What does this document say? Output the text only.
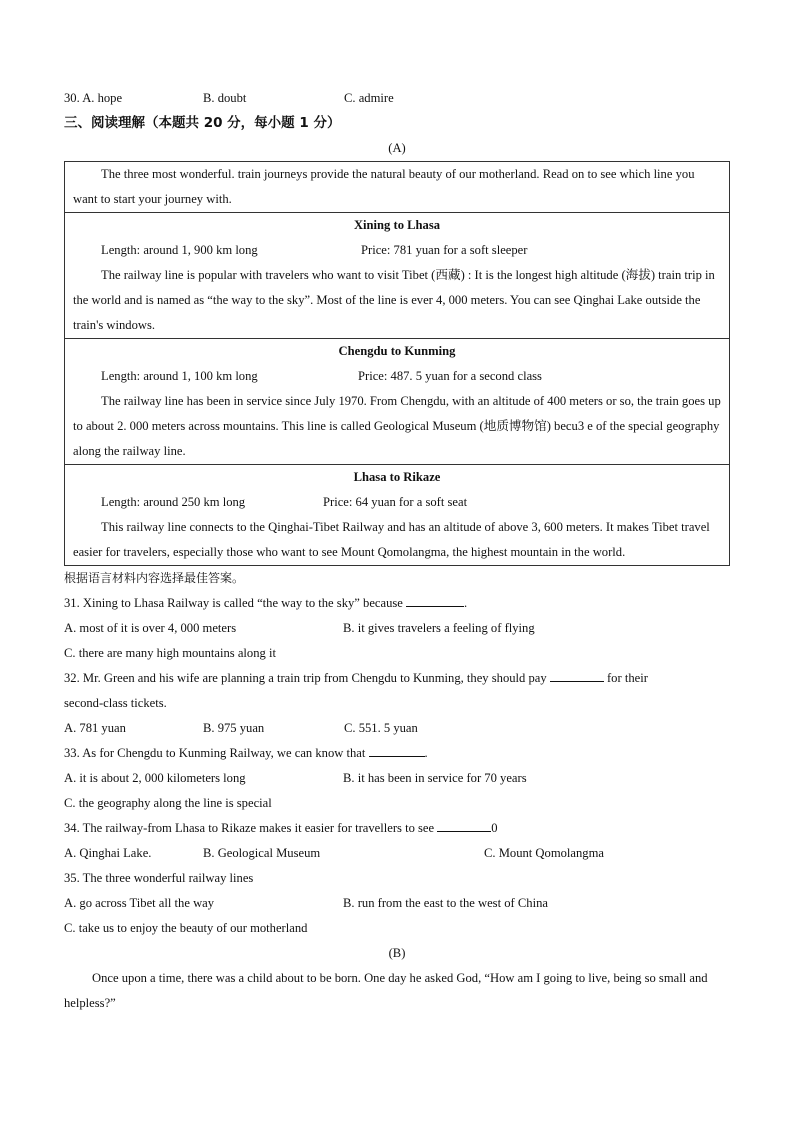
30. A. hope	B. doubt	C. admire
三、阅读理解（本题共 20 分，每小题 1 分）
(A)

The three most wonderful. train journeys provide the natural beauty of our motherland. Read on to see which line you want to start your journey with.

Xining to Lhasa

Length: around 1, 900 km long	Price: 781 yuan for a soft sleeper

The railway line is popular with travelers who want to visit Tibet (西藏) : It is the longest high altitude (海拔) train trip in the world and is named as “the way to the sky”. Most of the line is ever 4, 000 meters. You can see Qinghai Lake outside the train's windows.

Chengdu to Kunming

Length: around 1, 100 km long	Price: 487. 5 yuan for a second class

The railway line has been in service since July 1970. From Chengdu, with an altitude of 400 meters or so, the train goes up to about 2. 000 meters across mountains. This line is called Geological Museum (地质博物馆) becu3 e of the special geography along the railway line.

Lhasa to Rikaze

Length: around 250 km long	Price: 64 yuan for a soft seat

This railway line connects to the Qinghai-Tibet Railway and has an altitude of above 3, 600 meters. It makes Tibet travel easier for travelers, especially those who want to see Mount Qomolangma, the highest mountain in the world.

根据语言材料内容选择最佳答案。
31. Xining to Lhasa Railway is called “the way to the sky” because	.
A. most of it is over 4, 000 meters	B. it gives travelers a feeling of flying
C. there are many high mountains along it
32. Mr. Green and his wife are planning a train trip from Chengdu to Kunming, they should pay	for their
second-class tickets.
A. 781 yuan	B. 975 yuan	C. 551. 5 yuan
33. As for Chengdu to Kunming Railway, we can know that	.
A. it is about 2, 000 kilometers long	B. it has been in service for 70 years
C. the geography along the line is special
34. The railway-from Lhasa to Rikaze makes it easier for travellers to see	0
A. Qinghai Lake.	B. Geological Museum	C. Mount Qomolangma
35. The three wonderful railway lines
A. go across Tibet all the way	B. run from the east to the west of China
C. take us to enjoy the beauty of our motherland
(B)

Once upon a time, there was a child about to be born. One day he asked God, “How am I going to live, being so small and helpless?”
